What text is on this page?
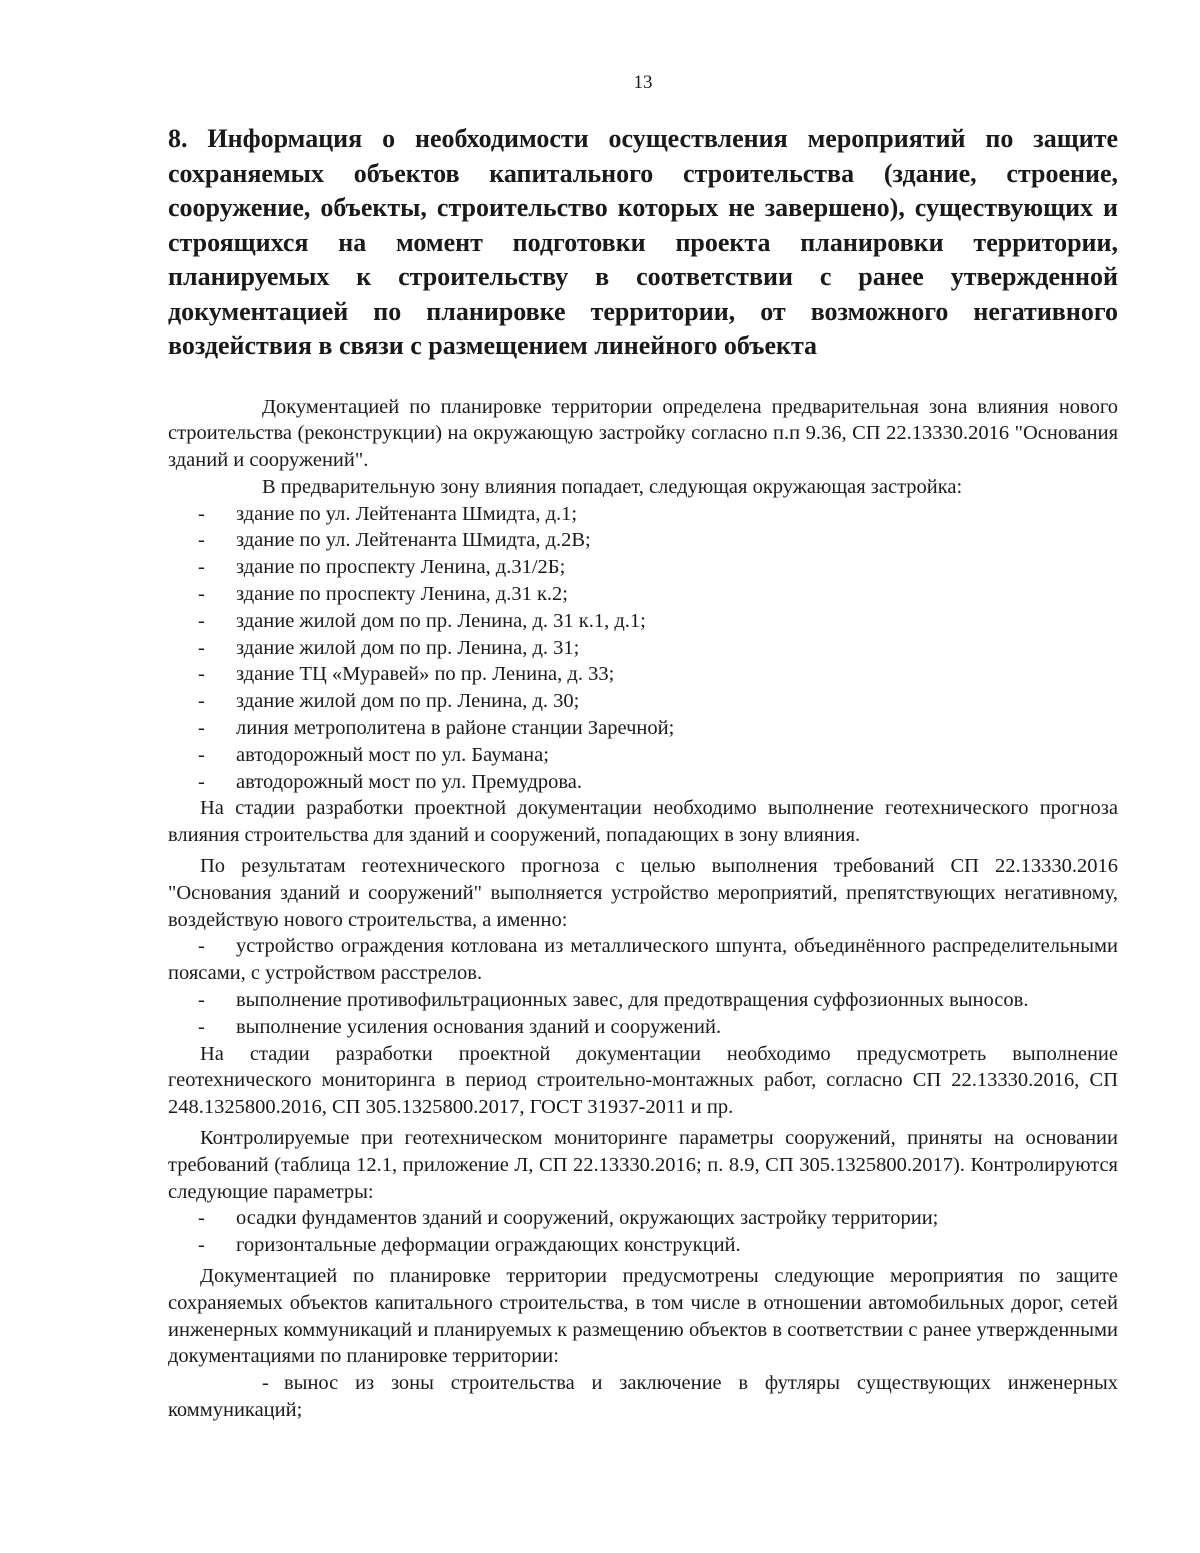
13
8. Информация о необходимости осуществления мероприятий по защите сохраняемых объектов капитального строительства (здание, строение, сооружение, объекты, строительство которых не завершено), существующих и строящихся на момент подготовки проекта планировки территории, планируемых к строительству в соответствии с ранее утвержденной документацией по планировке территории, от возможного негативного воздействия в связи с размещением линейного объекта

Документацией по планировке территории определена предварительная зона влияния нового строительства (реконструкции) на окружающую застройку согласно п.п 9.36, СП 22.13330.2016 "Основания зданий и сооружений".

В предварительную зону влияния попадает, следующая окружающая застройка:

-	здание по ул. Лейтенанта Шмидта, д.1;
-	здание по ул. Лейтенанта Шмидта, д.2В;
-	здание по проспекту Ленина, д.31/2Б;
-	здание по проспекту Ленина, д.31 к.2;
-	здание жилой дом по пр. Ленина, д. 31 к.1, д.1;
-	здание жилой дом по пр. Ленина, д. 31;
-	здание ТЦ «Муравей» по пр. Ленина, д. 33;
-	здание жилой дом по пр. Ленина, д. 30;
-	линия метрополитена в районе станции Заречной;
-	автодорожный мост по ул. Баумана;
-	автодорожный мост по ул. Премудрова.

На стадии разработки проектной документации необходимо выполнение геотехнического прогноза влияния строительства для зданий и сооружений, попадающих в зону влияния.

По результатам геотехнического прогноза с целью выполнения требований СП 22.13330.2016 "Основания зданий и сооружений" выполняется устройство мероприятий, препятствующих негативному, воздействую нового строительства, а именно:

- устройство ограждения котлована из металлического шпунта, объединённого распределительными поясами, с устройством расстрелов.

- выполнение противофильтрационных завес, для предотвращения суффозионных выносов.

- выполнение усиления основания зданий и сооружений.

На стадии разработки проектной документации необходимо предусмотреть выполнение геотехнического мониторинга в период строительно-монтажных работ, согласно СП 22.13330.2016, СП 248.1325800.2016, СП 305.1325800.2017, ГОСТ 31937-2011 и пр.

Контролируемые при геотехническом мониторинге параметры сооружений, приняты на основании требований (таблица 12.1, приложение Л, СП 22.13330.2016; п. 8.9, СП 305.1325800.2017). Контролируются следующие параметры:

-	осадки фундаментов зданий и сооружений, окружающих застройку территории;
-	горизонтальные деформации ограждающих конструкций.

Документацией по планировке территории предусмотрены следующие мероприятия по защите сохраняемых объектов капитального строительства, в том числе в отношении автомобильных дорог, сетей инженерных коммуникаций и планируемых к размещению объектов в соответствии с ранее утвержденными документациями по планировке территории:

- вынос из зоны строительства и заключение в футляры существующих инженерных коммуникаций;
